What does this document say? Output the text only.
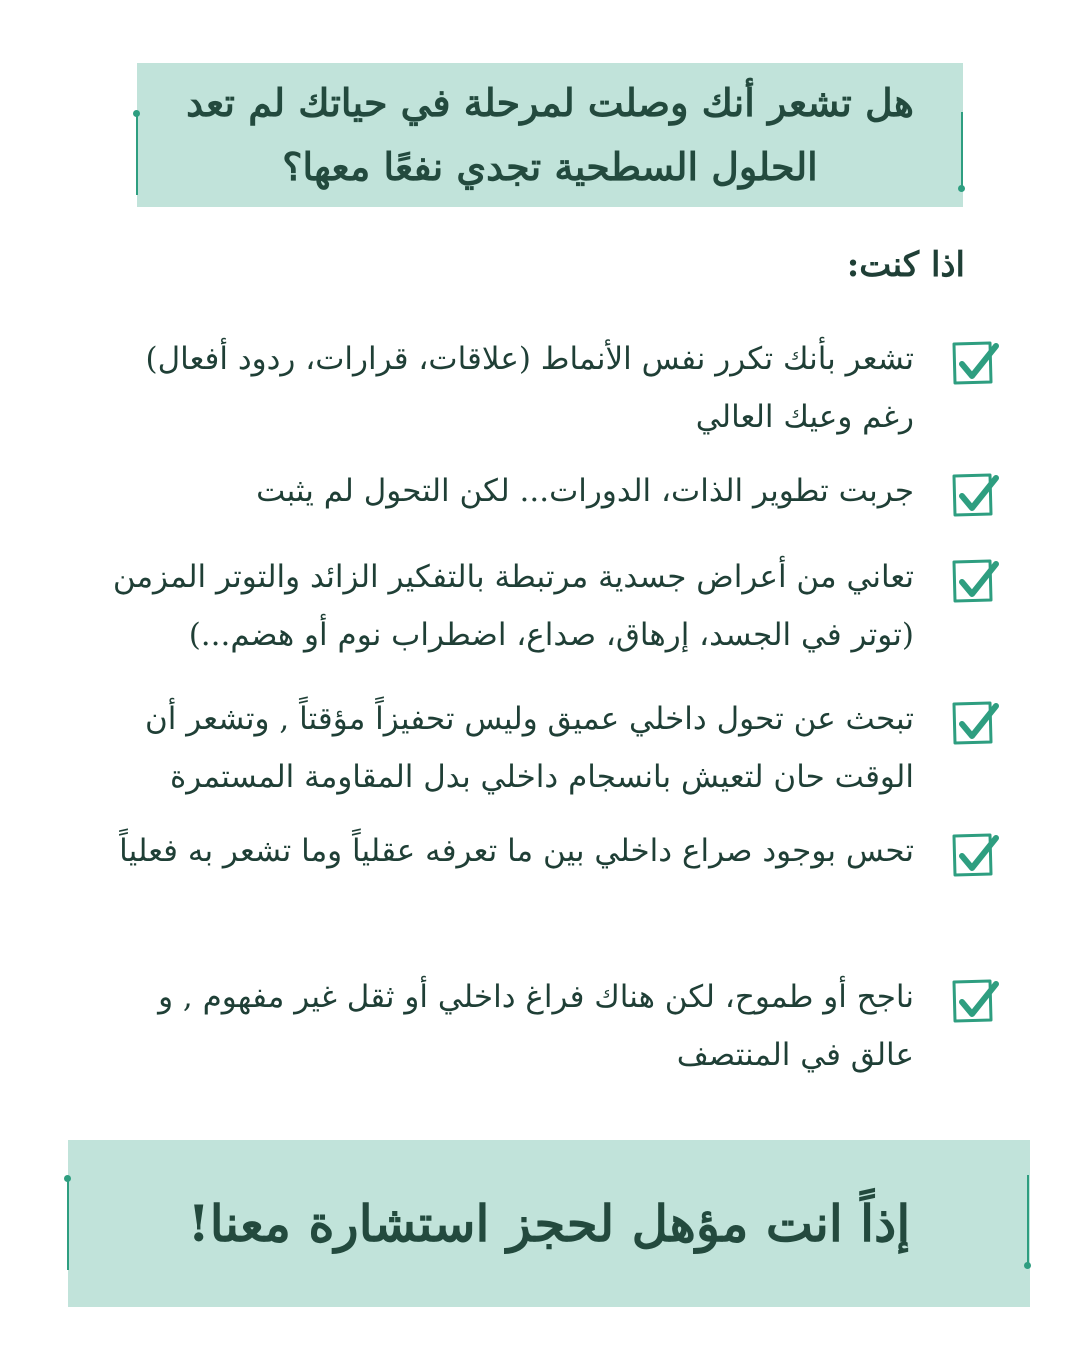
هل تشعر أنك وصلت لمرحلة في حياتك لم تعد الحلول السطحية تجدي نفعًا معها؟
اذا كنت:
تشعر بأنك تكرر نفس الأنماط (علاقات، قرارات، ردود أفعال) رغم وعيك العالي
جربت تطوير الذات، الدورات... لكن التحول لم يثبت
تعاني من أعراض جسدية مرتبطة بالتفكير الزائد والتوتر المزمن (توتر في الجسد، إرهاق، صداع، اضطراب نوم أو هضم...)
تبحث عن تحول داخلي عميق وليس تحفيزاً مؤقتاً , وتشعر أن الوقت حان لتعيش بانسجام داخلي بدل المقاومة المستمرة
تحس بوجود صراع داخلي بين ما تعرفه عقلياً وما تشعر به فعلياً
ناجح أو طموح، لكن هناك فراغ داخلي أو ثقل غير مفهوم , و عالق في المنتصف
إذاً انت مؤهل لحجز استشارة معنا!
